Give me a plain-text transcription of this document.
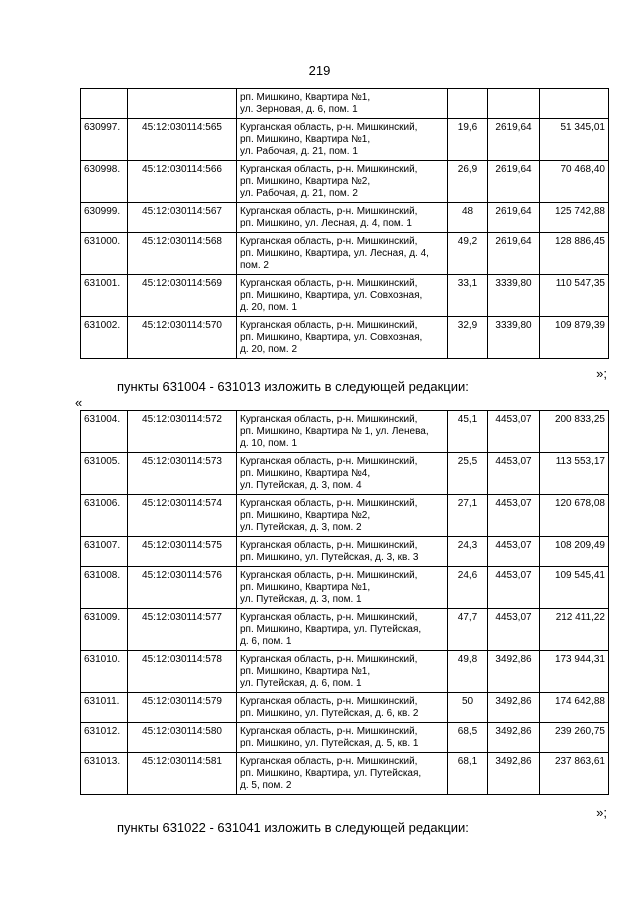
219

		рп. Мишкино, Квартира №1,
ул. Зерновая, д. 6, пом. 1			

630997.	45:12:030114:565	Курганская область, р-н. Мишкинский,
рп. Мишкино, Квартира №1,
ул. Рабочая, д. 21, пом. 1	19,6	2619,64	51 345,01
630998.	45:12:030114:566	Курганская область, р-н. Мишкинский,
рп. Мишкино, Квартира №2,
ул. Рабочая, д. 21, пом. 2	26,9	2619,64	70 468,40
630999.	45:12:030114:567	Курганская область, р-н. Мишкинский,
рп. Мишкино, ул. Лесная, д. 4, пом. 1	48	2619,64	125 742,88
631000.	45:12:030114:568	Курганская область, р-н. Мишкинский,
рп. Мишкино, Квартира, ул. Лесная, д. 4,
пом. 2	49,2	2619,64	128 886,45
631001.	45:12:030114:569	Курганская область, р-н. Мишкинский,
рп. Мишкино, Квартира, ул. Совхозная,
д. 20, пом. 1	33,1	3339,80	110 547,35
631002.	45:12:030114:570	Курганская область, р-н. Мишкинский,
рп. Мишкино, Квартира, ул. Совхозная,
д. 20, пом. 2	32,9	3339,80	109 879,39
»;
пункты 631004 - 631013 изложить в следующей редакции:
«
631004.	45:12:030114:572	Курганская область, р-н. Мишкинский,
рп. Мишкино, Квартира № 1, ул. Ленева,
д. 10, пом. 1	45,1	4453,07	200 833,25
631005.	45:12:030114:573	Курганская область, р-н. Мишкинский,
рп. Мишкино, Квартира №4,
ул. Путейская, д. 3, пом. 4	25,5	4453,07	113 553,17
631006.	45:12:030114:574	Курганская область, р-н. Мишкинский,
рп. Мишкино, Квартира №2,
ул. Путейская, д. 3, пом. 2	27,1	4453,07	120 678,08
631007.	45:12:030114:575	Курганская область, р-н. Мишкинский,
рп. Мишкино, ул. Путейская, д. 3, кв. 3	24,3	4453,07	108 209,49
631008.	45:12:030114:576	Курганская область, р-н. Мишкинский,
рп. Мишкино, Квартира №1,
ул. Путейская, д. 3, пом. 1	24,6	4453,07	109 545,41
631009.	45:12:030114:577	Курганская область, р-н. Мишкинский,
рп. Мишкино, Квартира, ул. Путейская,
д. 6, пом. 1	47,7	4453,07	212 411,22
631010.	45:12:030114:578	Курганская область, р-н. Мишкинский,
рп. Мишкино, Квартира №1,
ул. Путейская, д. 6, пом. 1	49,8	3492,86	173 944,31
631011.	45:12:030114:579	Курганская область, р-н. Мишкинский,
рп. Мишкино, ул. Путейская, д. 6, кв. 2	50	3492,86	174 642,88
631012.	45:12:030114:580	Курганская область, р-н. Мишкинский,
рп. Мишкино, ул. Путейская, д. 5, кв. 1	68,5	3492,86	239 260,75
631013.	45:12:030114:581	Курганская область, р-н. Мишкинский,
рп. Мишкино, Квартира, ул. Путейская,
д. 5, пом. 2	68,1	3492,86	237 863,61
»;
пункты 631022 - 631041 изложить в следующей редакции:
